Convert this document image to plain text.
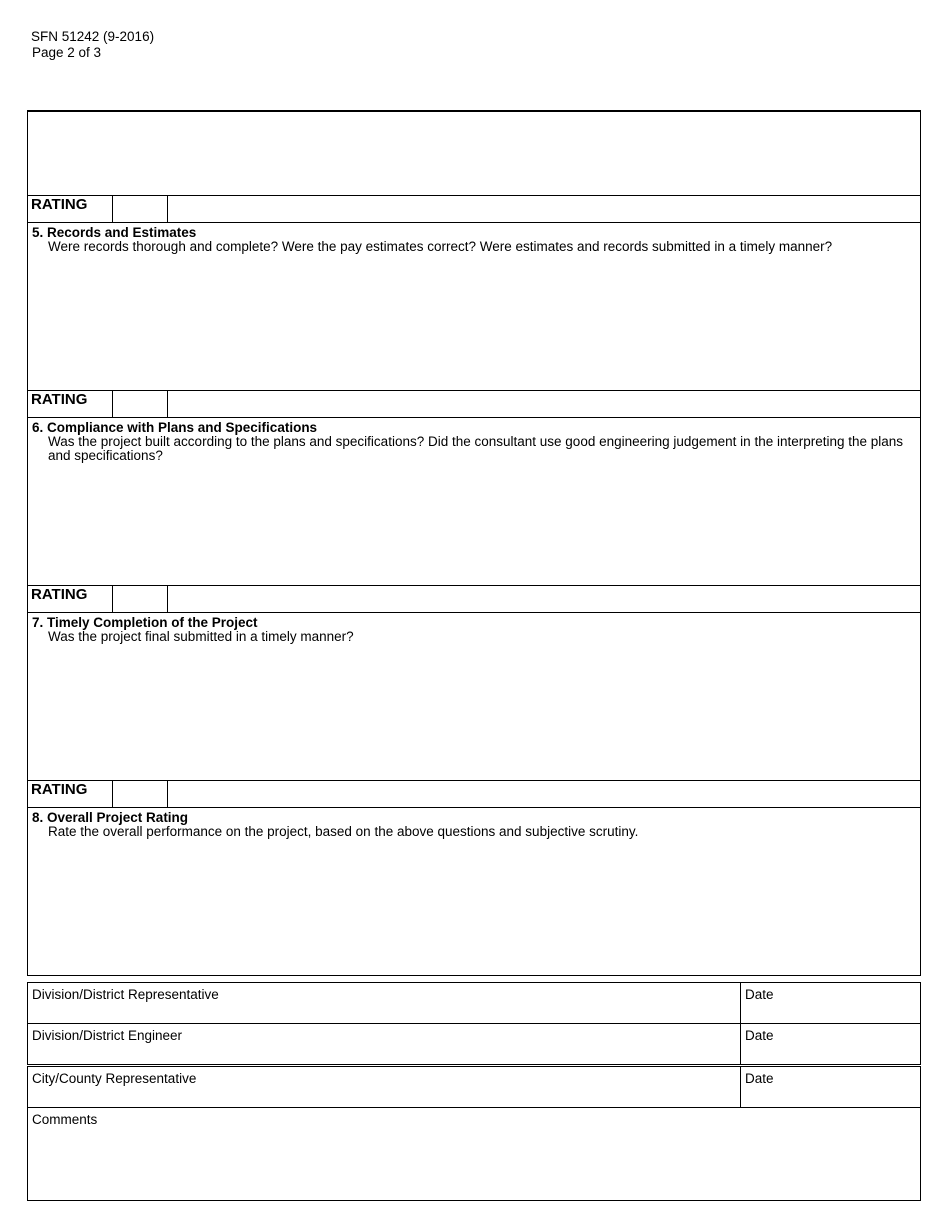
SFN 51242 (9-2016)
Page 2 of 3
RATING
5. Records and Estimates
Were records thorough and complete? Were the pay estimates correct? Were estimates and records submitted in a timely manner?
RATING
6. Compliance with Plans and Specifications
Was the project built according to the plans and specifications? Did the consultant use good engineering judgement in the interpreting the plans and specifications?
RATING
7. Timely Completion of the Project
Was the project final submitted in a timely manner?
RATING
8. Overall Project Rating
Rate the overall performance on the project, based on the above questions and subjective scrutiny.
Division/District Representative	Date
Division/District Engineer	Date
City/County Representative	Date
Comments
